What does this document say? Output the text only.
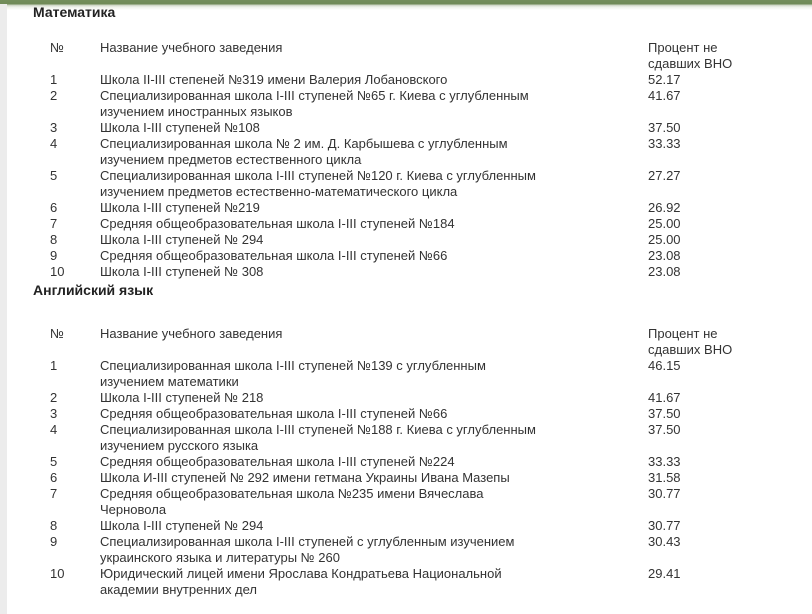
Математика
№	Название учебного заведения	Процент не сдавших ВНО
1	Школа II-III степеней №319 имени Валерия Лобановского	52.17
2	Специализированная школа I-III ступеней №65 г. Киева с углубленным изучением иностранных языков	41.67
3	Школа I-III ступеней №108	37.50
4	Специализированная школа № 2 им. Д. Карбышева с углубленным изучением предметов естественного цикла	33.33
5	Специализированная школа I-III ступеней №120 г. Киева с углубленным изучением предметов естественно-математического цикла	27.27
6	Школа I-III ступеней №219	26.92
7	Средняя общеобразовательная школа I-III ступеней №184	25.00
8	Школа I-III ступеней № 294	25.00
9	Средняя общеобразовательная школа I-III ступеней №66	23.08
10	Школа I-III ступеней № 308	23.08
Английский язык
№	Название учебного заведения	Процент не сдавших ВНО
1	Специализированная школа I-III ступеней №139 с углубленным изучением математики	46.15
2	Школа I-III ступеней № 218	41.67
3	Средняя общеобразовательная школа I-III ступеней №66	37.50
4	Специализированная школа I-III ступеней №188 г. Киева с углубленным изучением русского языка	37.50
5	Средняя общеобразовательная школа I-III ступеней №224	33.33
6	Школа И-III ступеней № 292 имени гетмана Украины Ивана Мазепы	31.58
7	Средняя общеобразовательная школа №235 имени Вячеслава Черновола	30.77
8	Школа I-III ступеней № 294	30.77
9	Специализированная школа I-III ступеней с углубленным изучением украинского языка и литературы № 260	30.43
10	Юридический лицей имени Ярослава Кондратьева Национальной академии внутренних дел	29.41
